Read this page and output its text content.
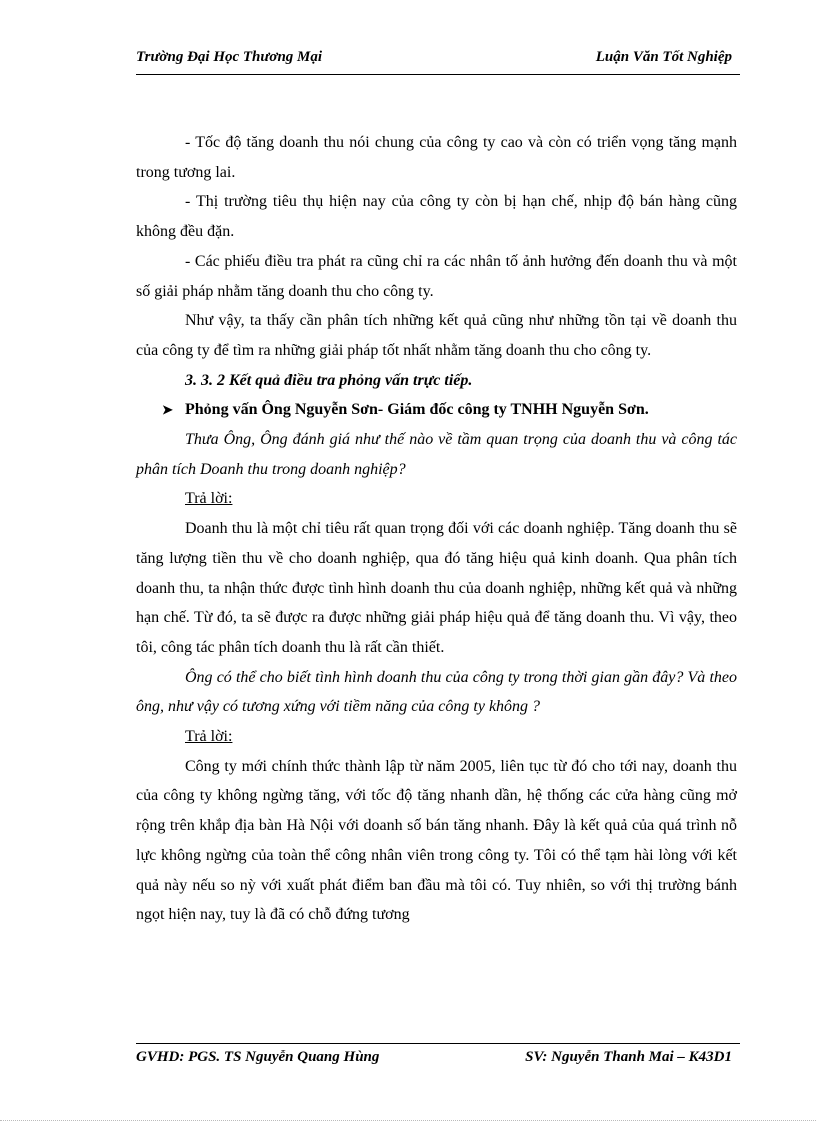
Trường Đại Học Thương Mại	Luận Văn Tốt Nghiệp

- Tốc độ tăng doanh thu nói chung của công ty cao và còn có triển vọng tăng mạnh trong tương lai.

- Thị trường tiêu thụ hiện nay của công ty còn bị hạn chế, nhịp độ bán hàng cũng không đều đặn.

- Các phiếu điều tra phát ra cũng chỉ ra các nhân tố ảnh hưởng đến doanh thu và một số giải pháp nhằm tăng doanh thu cho công ty.

Như vậy, ta thấy cần phân tích những kết quả cũng như những tồn tại về doanh thu của công ty để tìm ra những giải pháp tốt nhất nhằm tăng doanh thu cho công ty.

3. 3. 2 Kết quả điều tra phỏng vấn trực tiếp.

➤ Phỏng vấn Ông Nguyễn Sơn- Giám đốc công ty TNHH Nguyễn Sơn.

Thưa Ông, Ông đánh giá như thế nào về tầm quan trọng của doanh thu và công tác phân tích Doanh thu trong doanh nghiệp?

Trả lời:

Doanh thu là một chỉ tiêu rất quan trọng đối với các doanh nghiệp. Tăng doanh thu sẽ tăng lượng tiền thu về cho doanh nghiệp, qua đó tăng hiệu quả kinh doanh. Qua phân tích doanh thu, ta nhận thức được tình hình doanh thu của doanh nghiệp, những kết quả và những hạn chế. Từ đó, ta sẽ được ra được những giải pháp hiệu quả để tăng doanh thu. Vì vậy, theo tôi, công tác phân tích doanh thu là rất cần thiết.

Ông có thể cho biết tình hình doanh thu của công ty trong thời gian gần đây? Và theo ông, như vậy có tương xứng với tiềm năng của công ty không ?

Trả lời:

Công ty mới chính thức thành lập từ năm 2005, liên tục từ đó cho tới nay, doanh thu của công ty không ngừng tăng, với tốc độ tăng nhanh dần, hệ thống các cửa hàng cũng mở rộng trên khắp địa bàn Hà Nội với doanh số bán tăng nhanh. Đây là kết quả của quá trình nỗ lực không ngừng của toàn thể công nhân viên trong công ty. Tôi có thể tạm hài lòng với kết quả này nếu so nỳ với xuất phát điểm ban đầu mà tôi có. Tuy nhiên, so với thị trường bánh ngọt hiện nay, tuy là đã có chỗ đứng tương

GVHD: PGS. TS Nguyễn Quang Hùng	SV: Nguyễn Thanh Mai – K43D1
